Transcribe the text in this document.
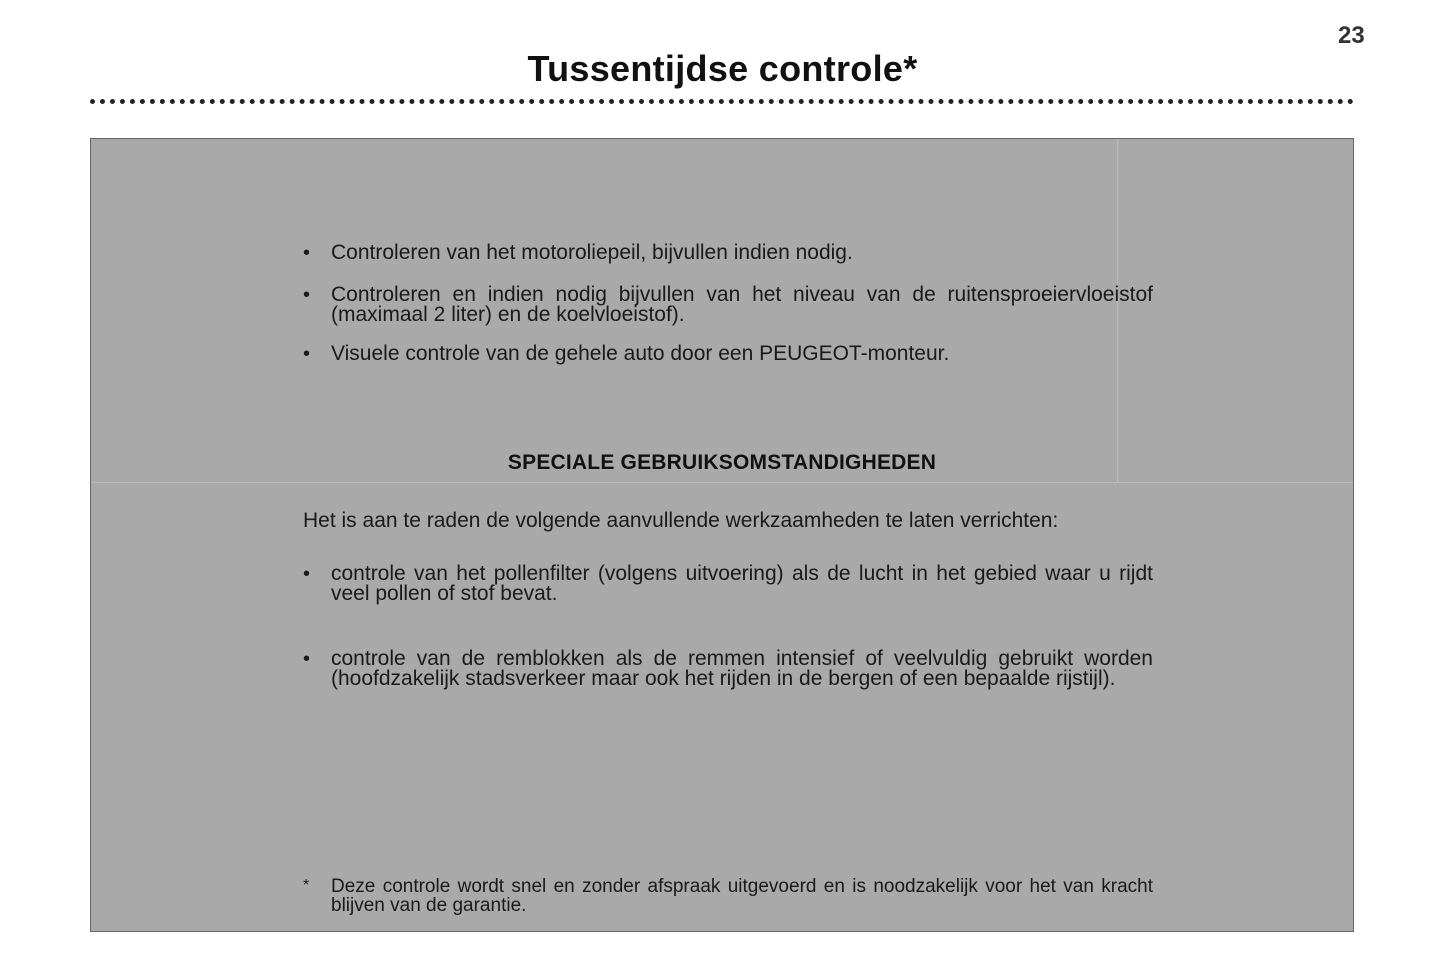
23
Tussentijdse controle*
• Controleren van het motoroliepeil, bijvullen indien nodig.
• Controleren en indien nodig bijvullen van het niveau van de ruitensproeiervloeistof (maximaal 2 liter) en de koelvloeistof).
• Visuele controle van de gehele auto door een PEUGEOT-monteur.
SPECIALE GEBRUIKSOMSTANDIGHEDEN
Het is aan te raden de volgende aanvullende werkzaamheden te laten verrichten:
• controle van het pollenfilter (volgens uitvoering) als de lucht in het gebied waar u rijdt veel pollen of stof bevat.
• controle van de remblokken als de remmen intensief of veelvuldig gebruikt worden (hoofdzakelijk stadsverkeer maar ook het rijden in de bergen of een bepaalde rijstijl).
* Deze controle wordt snel en zonder afspraak uitgevoerd en is noodzakelijk voor het van kracht blijven van de garantie.
